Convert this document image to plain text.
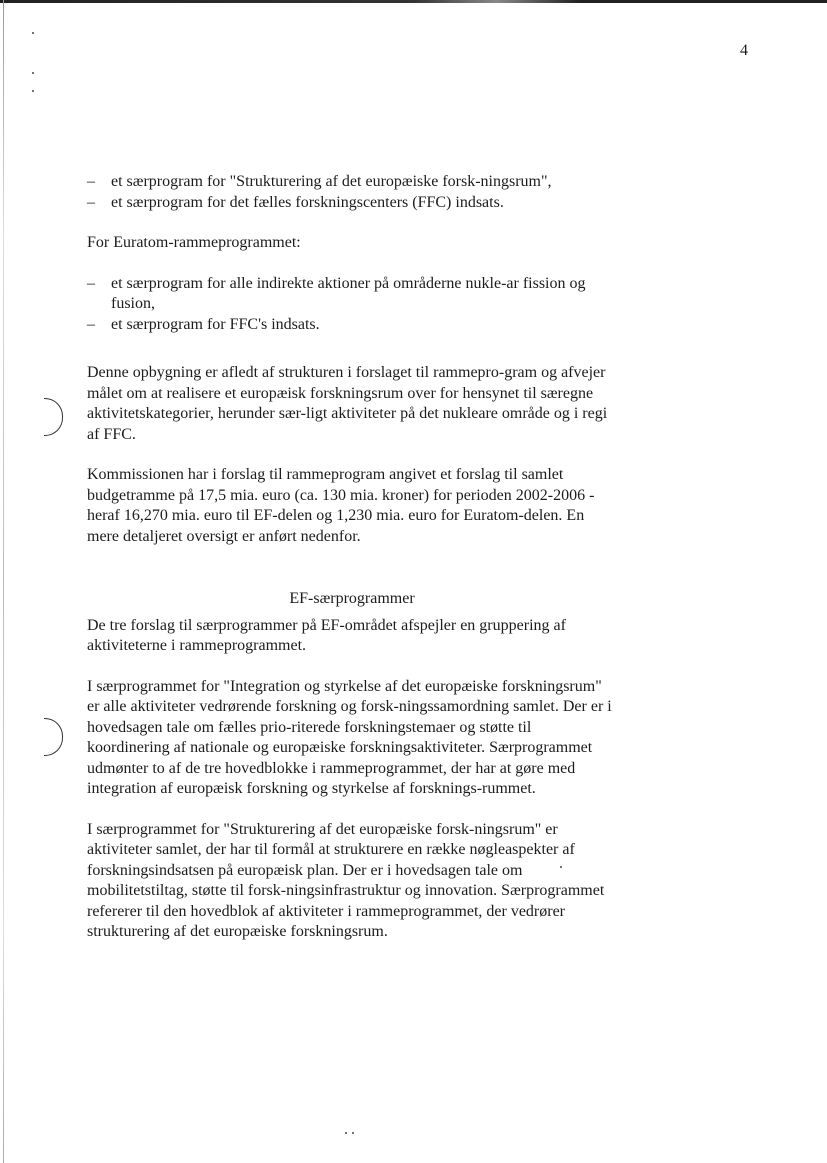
4
– et særprogram for "Strukturering af det europæiske forsk-ningsrum",
– et særprogram for det fælles forskningscenters (FFC) indsats.

For Euratom-rammeprogrammet:

– et særprogram for alle indirekte aktioner på områderne nukle-ar fission og fusion,
– et særprogram for FFC's indsats.

Denne opbygning er afledt af strukturen i forslaget til rammepro-gram og afvejer målet om at realisere et europæisk forskningsrum over for hensynet til særegne aktivitetskategorier, herunder sær-ligt aktiviteter på det nukleare område og i regi af FFC.

Kommissionen har i forslag til rammeprogram angivet et forslag til samlet budgetramme på 17,5 mia. euro (ca. 130 mia. kroner) for perioden 2002-2006 - heraf 16,270 mia. euro til EF-delen og 1,230 mia. euro for Euratom-delen. En mere detaljeret oversigt er anført nedenfor.

EF-særprogrammer

De tre forslag til særprogrammer på EF-området afspejler en gruppering af aktiviteterne i rammeprogrammet.

I særprogrammet for "Integration og styrkelse af det europæiske forskningsrum" er alle aktiviteter vedrørende forskning og forsk-ningssamordning samlet. Der er i hovedsagen tale om fælles prio-riterede forskningstemaer og støtte til koordinering af nationale og europæiske forskningsaktiviteter. Særprogrammet udmønter to af de tre hovedblokke i rammeprogrammet, der har at gøre med integration af europæisk forskning og styrkelse af forsknings-rummet.

I særprogrammet for "Strukturering af det europæiske forsk-ningsrum" er aktiviteter samlet, der har til formål at strukturere en række nøgleaspekter af forskningsindsatsen på europæisk plan. Der er i hovedsagen tale om mobilitetstiltag, støtte til forsk-ningsinfrastruktur og innovation. Særprogrammet refererer til den hovedblok af aktiviteter i rammeprogrammet, der vedrører strukturering af det europæiske forskningsrum.
